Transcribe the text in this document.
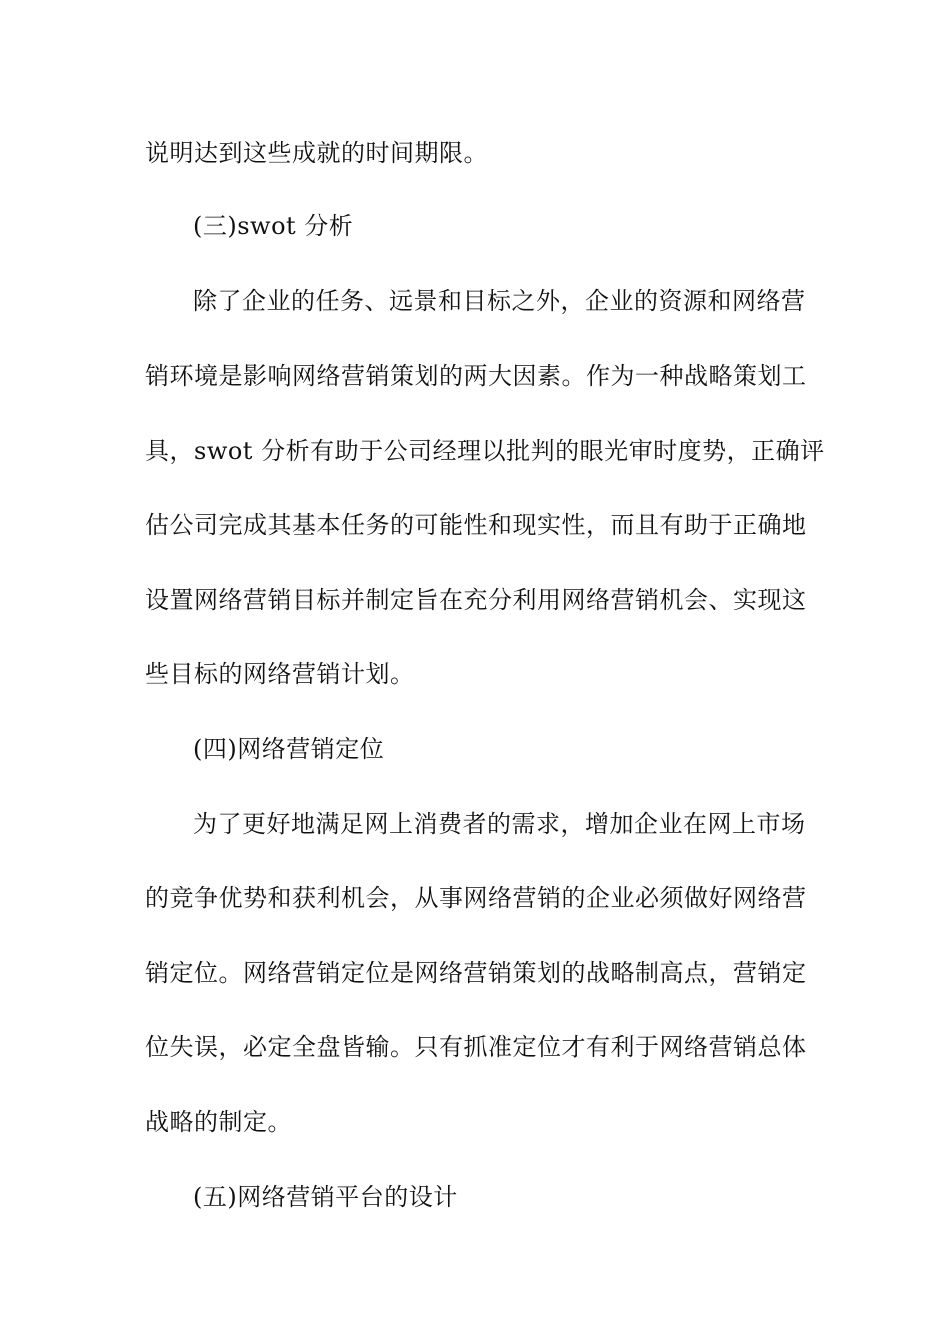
说明达到这些成就的时间期限。
(三)swot 分析
除了企业的任务、远景和目标之外，企业的资源和网络营
销环境是影响网络营销策划的两大因素。作为一种战略策划工
具，swot 分析有助于公司经理以批判的眼光审时度势，正确评
估公司完成其基本任务的可能性和现实性，而且有助于正确地
设置网络营销目标并制定旨在充分利用网络营销机会、实现这
些目标的网络营销计划。
(四)网络营销定位
为了更好地满足网上消费者的需求，增加企业在网上市场
的竞争优势和获利机会，从事网络营销的企业必须做好网络营
销定位。网络营销定位是网络营销策划的战略制高点，营销定
位失误，必定全盘皆输。只有抓准定位才有利于网络营销总体
战略的制定。
(五)网络营销平台的设计
